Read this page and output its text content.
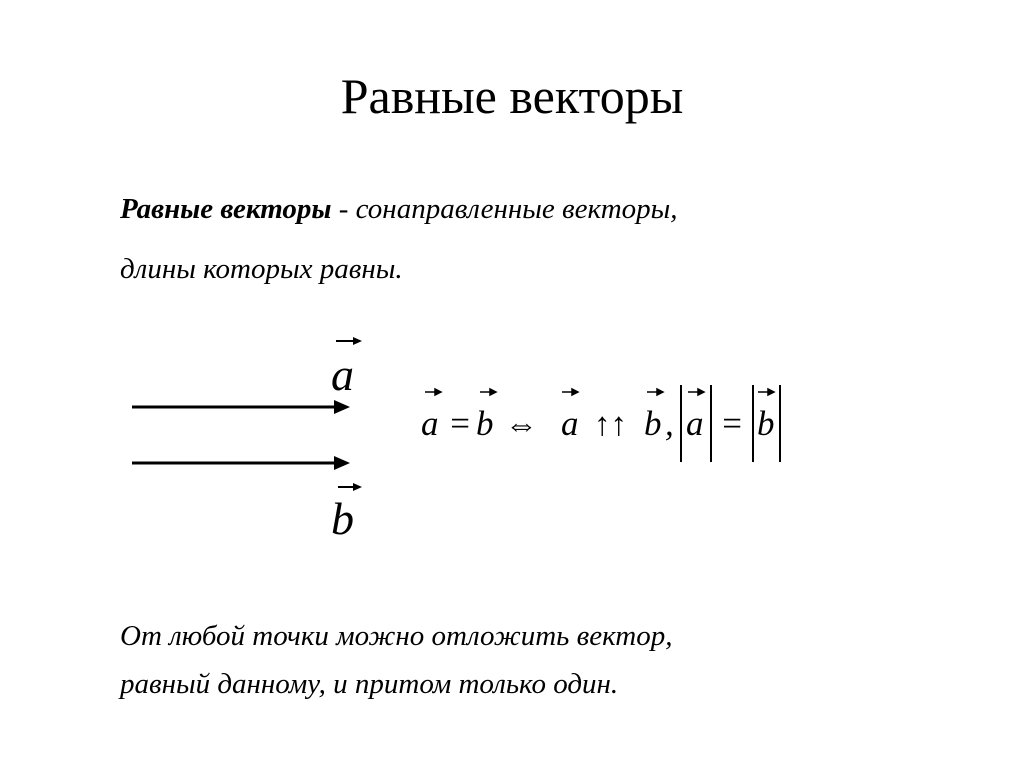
Равные векторы
Равные векторы - сонаправленные векторы,
длины которых равны.
a
b
a = b ⇔ a ↑↑ b , a = b
От любой точки можно отложить вектор,
равный данному, и притом только один.
